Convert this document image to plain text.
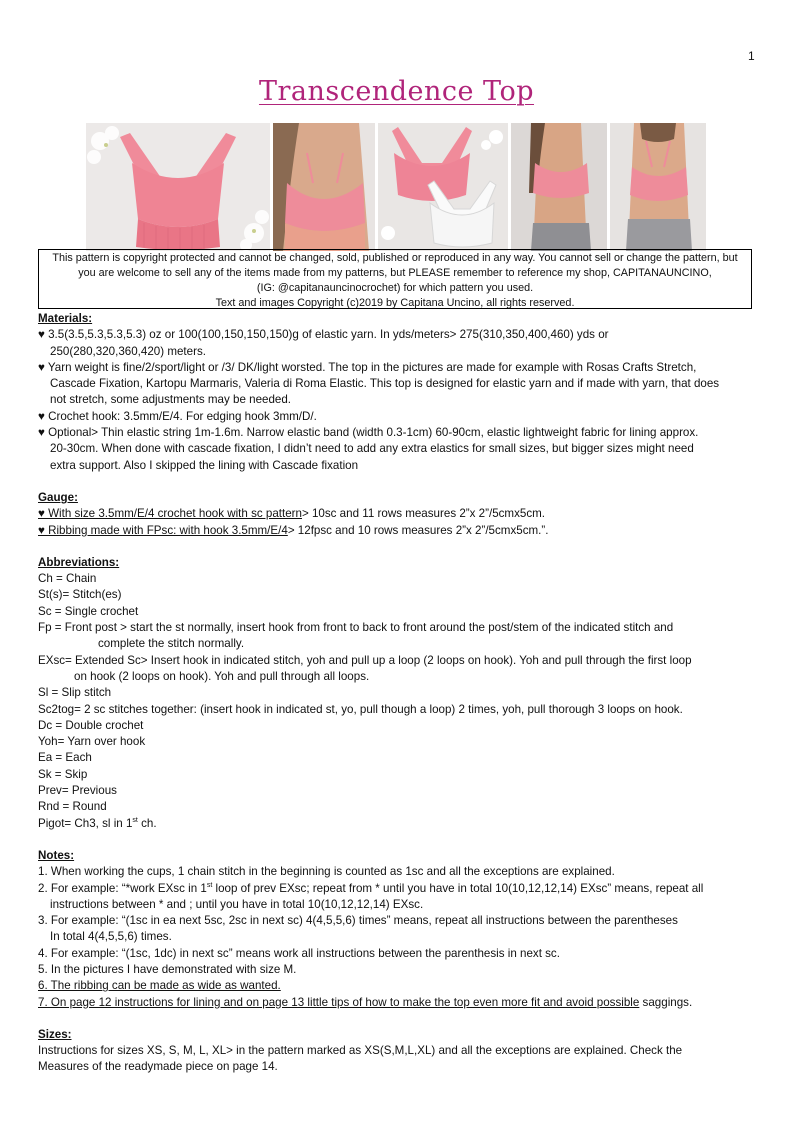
1
Transcendence Top
This pattern is copyright protected and cannot be changed, sold, published or reproduced in any way. You cannot sell or change the pattern, but
you are welcome to sell any of the items made from my patterns, but PLEASE remember to reference my shop, CAPITANAUNCINO,
(IG: @capitanauncinocrochet) for which pattern you used.
Text and images Copyright (c)2019 by Capitana Uncino, all rights reserved.
Materials:
♥ 3.5(3.5,5.3,5.3,5.3) oz or 100(100,150,150,150)g of elastic yarn. In yds/meters> 275(310,350,400,460) yds or
250(280,320,360,420) meters.
♥ Yarn weight is fine/2/sport/light or /3/ DK/light worsted. The top in the pictures are made for example with Rosas Crafts Stretch,
Cascade Fixation, Kartopu Marmaris, Valeria di Roma Elastic. This top is designed for elastic yarn and if made with yarn, that does
not stretch, some adjustments may be needed.
♥ Crochet hook: 3.5mm/E/4. For edging hook 3mm/D/.
♥ Optional> Thin elastic string 1m-1.6m. Narrow elastic band (width 0.3-1cm) 60-90cm, elastic lightweight fabric for lining approx.
20-30cm. When done with cascade fixation, I didn’t need to add any extra elastics for small sizes, but bigger sizes might need
extra support. Also I skipped the lining with Cascade fixation
Gauge:
♥ With size 3.5mm/E/4 crochet hook with sc pattern> 10sc and 11 rows measures 2”x 2”/5cmx5cm.
♥ Ribbing made with FPsc: with hook 3.5mm/E/4> 12fpsc and 10 rows measures 2”x 2”/5cmx5cm.”.
Abbreviations:
Ch = Chain
St(s)= Stitch(es)
Sc = Single crochet
Fp = Front post > start the st normally, insert hook from front to back to front around the post/stem of the indicated stitch and
complete the stitch normally.
EXsc= Extended Sc> Insert hook in indicated stitch, yoh and pull up a loop (2 loops on hook). Yoh and pull through the first loop
on hook (2 loops on hook). Yoh and pull through all loops.
Sl = Slip stitch
Sc2tog= 2 sc stitches together: (insert hook in indicated st, yo, pull though a loop) 2 times, yoh, pull thorough 3 loops on hook.
Dc = Double crochet
Yoh= Yarn over hook
Ea = Each
Sk = Skip
Prev= Previous
Rnd = Round
Pigot= Ch3, sl in 1st ch.
Notes:
1. When working the cups, 1 chain stitch in the beginning is counted as 1sc and all the exceptions are explained.
2. For example: “*work EXsc in 1st loop of prev EXsc; repeat from * until you have in total 10(10,12,12,14) EXsc” means, repeat all
instructions between * and ; until you have in total 10(10,12,12,14) EXsc.
3. For example: “(1sc in ea next 5sc, 2sc in next sc) 4(4,5,5,6) times” means, repeat all instructions between the parentheses
In total 4(4,5,5,6) times.
4. For example: “(1sc, 1dc) in next sc” means work all instructions between the parenthesis in next sc.
5. In the pictures I have demonstrated with size M.
6. The ribbing can be made as wide as wanted.
7. On page 12 instructions for lining and on page 13 little tips of how to make the top even more fit and avoid possible saggings.
Sizes:
Instructions for sizes XS, S, M, L, XL> in the pattern marked as XS(S,M,L,XL) and all the exceptions are explained. Check the
Measures of the readymade piece on page 14.
